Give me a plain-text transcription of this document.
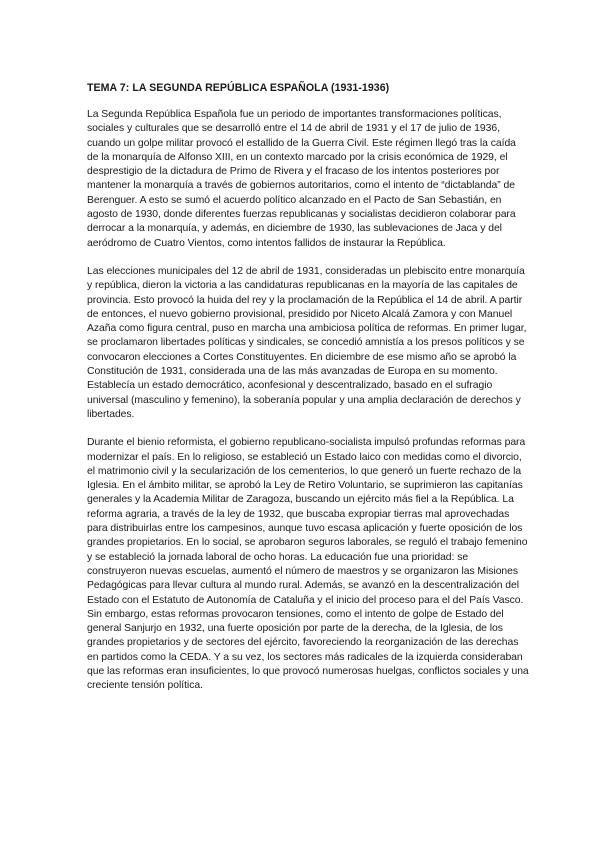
TEMA 7: LA SEGUNDA REPÚBLICA ESPAÑOLA (1931-1936)

La Segunda República Española fue un periodo de importantes transformaciones políticas, sociales y culturales que se desarrolló entre el 14 de abril de 1931 y el 17 de julio de 1936, cuando un golpe militar provocó el estallido de la Guerra Civil. Este régimen llegó tras la caída de la monarquía de Alfonso XIII, en un contexto marcado por la crisis económica de 1929, el desprestigio de la dictadura de Primo de Rivera y el fracaso de los intentos posteriores por mantener la monarquía a través de gobiernos autoritarios, como el intento de “dictablanda” de Berenguer. A esto se sumó el acuerdo político alcanzado en el Pacto de San Sebastián, en agosto de 1930, donde diferentes fuerzas republicanas y socialistas decidieron colaborar para derrocar a la monarquía, y además, en diciembre de 1930, las sublevaciones de Jaca y del aeródromo de Cuatro Vientos, como intentos fallidos de instaurar la República.

Las elecciones municipales del 12 de abril de 1931, consideradas un plebiscito entre monarquía y república, dieron la victoria a las candidaturas republicanas en la mayoría de las capitales de provincia. Esto provocó la huida del rey y la proclamación de la República el 14 de abril. A partir de entonces, el nuevo gobierno provisional, presidido por Niceto Alcalá Zamora y con Manuel Azaña como figura central, puso en marcha una ambiciosa política de reformas. En primer lugar, se proclamaron libertades políticas y sindicales, se concedió amnistía a los presos políticos y se convocaron elecciones a Cortes Constituyentes. En diciembre de ese mismo año se aprobó la Constitución de 1931, considerada una de las más avanzadas de Europa en su momento. Establecía un estado democrático, aconfesional y descentralizado, basado en el sufragio universal (masculino y femenino), la soberanía popular y una amplia declaración de derechos y libertades.

Durante el bienio reformista, el gobierno republicano-socialista impulsó profundas reformas para modernizar el país. En lo religioso, se estableció un Estado laico con medidas como el divorcio, el matrimonio civil y la secularización de los cementerios, lo que generó un fuerte rechazo de la Iglesia. En el ámbito militar, se aprobó la Ley de Retiro Voluntario, se suprimieron las capitanías generales y la Academia Militar de Zaragoza, buscando un ejército más fiel a la República. La reforma agraria, a través de la ley de 1932, que buscaba expropiar tierras mal aprovechadas para distribuirlas entre los campesinos, aunque tuvo escasa aplicación y fuerte oposición de los grandes propietarios. En lo social, se aprobaron seguros laborales, se reguló el trabajo femenino y se estableció la jornada laboral de ocho horas. La educación fue una prioridad: se construyeron nuevas escuelas, aumentó el número de maestros y se organizaron las Misiones Pedagógicas para llevar cultura al mundo rural. Además, se avanzó en la descentralización del Estado con el Estatuto de Autonomía de Cataluña y el inicio del proceso para el del País Vasco. Sin embargo, estas reformas provocaron tensiones, como el intento de golpe de Estado del general Sanjurjo en 1932, una fuerte oposición por parte de la derecha, de la Iglesia, de los grandes propietarios y de sectores del ejército, favoreciendo la reorganización de las derechas en partidos como la CEDA. Y a su vez, los sectores más radicales de la izquierda consideraban que las reformas eran insuficientes, lo que provocó numerosas huelgas, conflictos sociales y una creciente tensión política.
